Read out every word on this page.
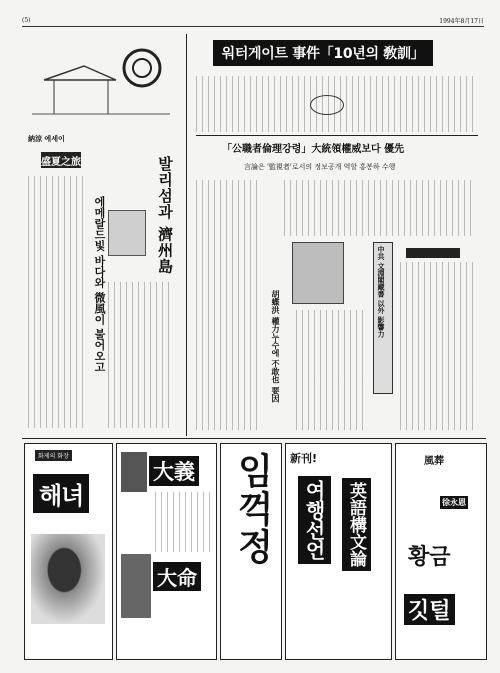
(5)	1994年8月17日
納涼 에세이
盛夏之旅
에메랄드빛 바다와 微風이 불어오고	발리섬과 濟州島
워터게이트 事件「10년의 敎訓」
「公職者倫理강령」大統領權威보다 優先
言論은 '監視者'로서의 정보공개 역할 홍봉하 수행
胡蝶洪 權力누수에 不敢也 要因	中共 文淵閣藏書 以外 影響力
화제의 화장
해녀
大義
大命
임꺽정	新刊!
여행선언 英語構文論
風葬
徐永恩
황금
깃털
